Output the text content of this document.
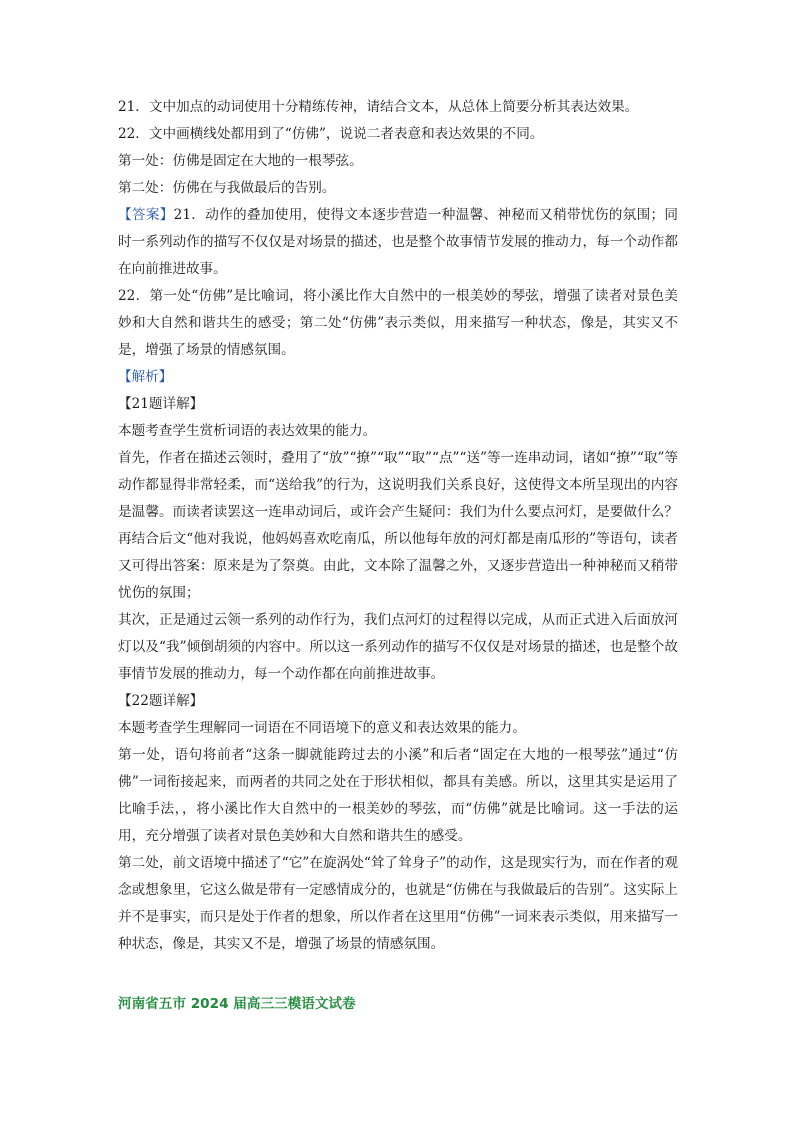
21．文中加点的动词使用十分精练传神，请结合文本，从总体上简要分析其表达效果。

22．文中画横线处都用到了“仿佛”，说说二者表意和表达效果的不同。

第一处：仿佛是固定在大地的一根琴弦。

第二处：仿佛在与我做最后的告别。

【答案】21．动作的叠加使用，使得文本逐步营造一种温馨、神秘而又稍带忧伤的氛围；同时一系列动作的描写不仅仅是对场景的描述，也是整个故事情节发展的推动力，每一个动作都在向前推进故事。

22．第一处“仿佛”是比喻词，将小溪比作大自然中的一根美妙的琴弦，增强了读者对景色美妙和大自然和谐共生的感受；第二处“仿佛”表示类似，用来描写一种状态，像是，其实又不是，增强了场景的情感氛围。

【解析】

【21题详解】

本题考查学生赏析词语的表达效果的能力。

首先，作者在描述云领时，叠用了“放”“撩”“取”“取”“点”“送”等一连串动词，诸如“撩”“取”等动作都显得非常轻柔，而“送给我”的行为，这说明我们关系良好，这使得文本所呈现出的内容是温馨。而读者读罢这一连串动词后，或许会产生疑问：我们为什么要点河灯，是要做什么？再结合后文“他对我说，他妈妈喜欢吃南瓜，所以他每年放的河灯都是南瓜形的”等语句，读者又可得出答案：原来是为了祭奠。由此，文本除了温馨之外，又逐步营造出一种神秘而又稍带忧伤的氛围；

其次，正是通过云领一系列的动作行为，我们点河灯的过程得以完成，从而正式进入后面放河灯以及“我”倾倒胡须的内容中。所以这一系列动作的描写不仅仅是对场景的描述，也是整个故事情节发展的推动力，每一个动作都在向前推进故事。

【22题详解】

本题考查学生理解同一词语在不同语境下的意义和表达效果的能力。

第一处，语句将前者“这条一脚就能跨过去的小溪”和后者“固定在大地的一根琴弦”通过“仿佛”一词衔接起来，而两者的共同之处在于形状相似，都具有美感。所以，这里其实是运用了比喻手法，，将小溪比作大自然中的一根美妙的琴弦，而“仿佛”就是比喻词。这一手法的运用，充分增强了读者对景色美妙和大自然和谐共生的感受。

第二处，前文语境中描述了“它”在旋涡处“耸了耸身子”的动作，这是现实行为，而在作者的观念或想象里，它这么做是带有一定感情成分的，也就是“仿佛在与我做最后的告别”。这实际上并不是事实，而只是处于作者的想象，所以作者在这里用“仿佛”一词来表示类似，用来描写一种状态，像是，其实又不是，增强了场景的情感氛围。

河南省五市 2024 届高三三模语文试卷
